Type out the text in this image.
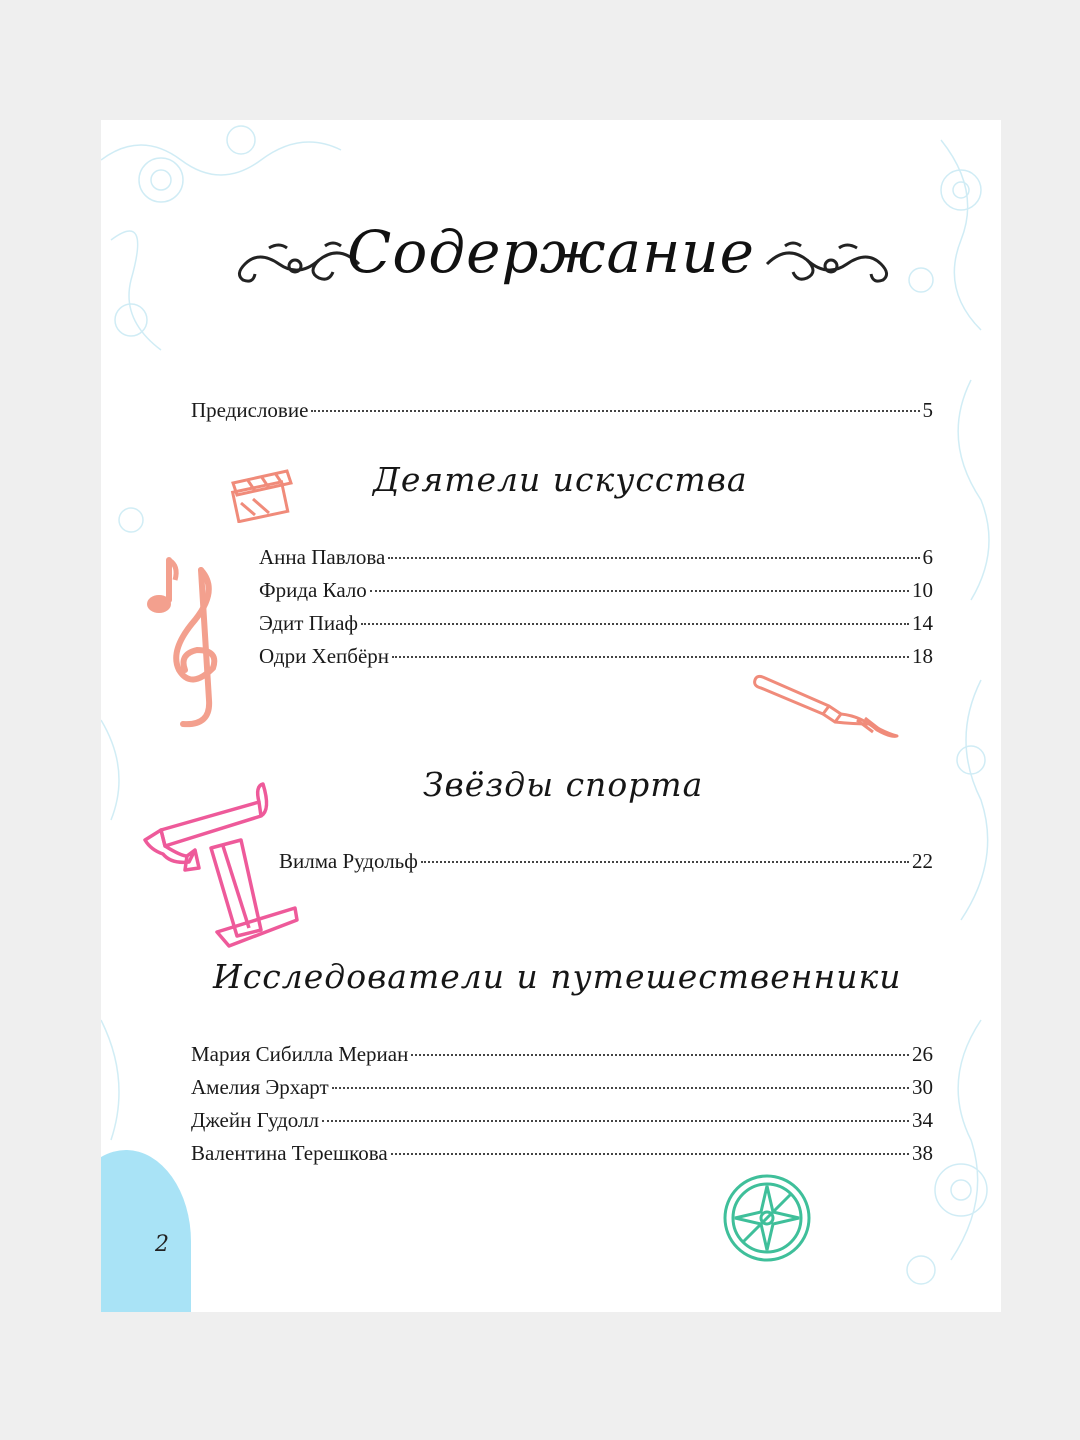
Содержание
Предисловие	5
Деятели искусства
Анна Павлова	6
Фрида Кало	10
Эдит Пиаф	14
Одри Хепбёрн	18
Звёзды спорта
Вилма Рудольф	22
Исследователи и путешественники
Мария Сибилла Мериан	26
Амелия Эрхарт	30
Джейн Гудолл	34
Валентина Терешкова	38
2
